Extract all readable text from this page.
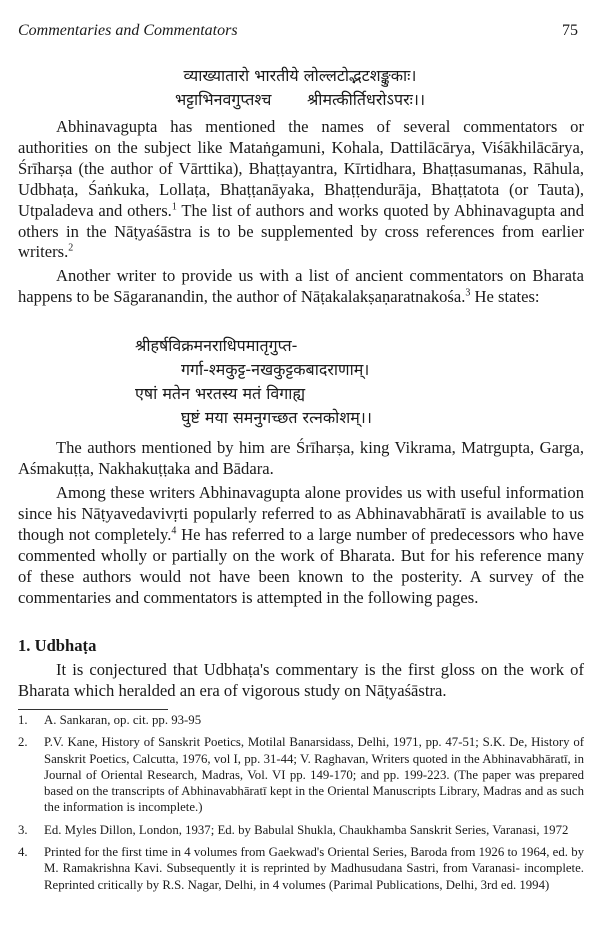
Commentaries and Commentators	75
व्याख्यातारो भारतीये लोल्लटोद्भटशङ्कुकाः।
भट्टाभिनवगुप्तश्च       श्रीमत्कीर्तिधरोऽपरः।।

Abhinavagupta has mentioned the names of several commentators or authorities on the subject like Mataṅgamuni, Kohala, Dattilācārya, Viśākhilācārya, Śrīharṣa (the author of Vārttika), Bhaṭṭayantra, Kīrtidhara, Bhaṭṭasumanas, Rāhula, Udbhaṭa, Śaṅkuka, Lollaṭa, Bhaṭṭanāyaka, Bhaṭṭendurāja, Bhaṭṭatota (or Tauta), Utpaladeva and others.$^1$ The list of authors and works quoted by Abhinavagupta and others in the Nāṭyaśāstra is to be supplemented by cross references from earlier writers.$^2$

Another writer to provide us with a list of ancient commentators on Bharata happens to be Sāgaranandin, the author of Nāṭakalakṣaṇaratnakośa.$^3$ He states:

श्रीहर्षविक्रमनराधिपमातृगुप्त-
गर्गा-श्मकुट्ट-नखकुट्टकबादराणाम्।
एषां मतेन भरतस्य मतं विगाह्य
घुष्टं मया समनुगच्छत रत्नकोशम्।।

The authors mentioned by him are Śrīharṣa, king Vikrama, Matrgupta, Garga, Aśmakuṭṭa, Nakhakuṭṭaka and Bādara.

Among these writers Abhinavagupta alone provides us with useful information since his Nāṭyavedavivṛti popularly referred to as Abhinavabhāratī is available to us though not completely.$^4$ He has referred to a large number of predecessors who have commented wholly or partially on the work of Bharata. But for his reference many of these authors would not have been known to the posterity. A survey of the commentaries and commentators is attempted in the following pages.

1. Udbhaṭa

It is conjectured that Udbhaṭa's commentary is the first gloss on the work of Bharata which heralded an era of vigorous study on Nāṭyaśāstra.

1.	A. Sankaran, op. cit. pp. 93-95
2.	P.V. Kane, History of Sanskrit Poetics, Motilal Banarsidass, Delhi, 1971, pp. 47-51; S.K. De, History of Sanskrit Poetics, Calcutta, 1976, vol I, pp. 31-44; V. Raghavan, Writers quoted in the Abhinavabhāratī, in Journal of Oriental Research, Madras, Vol. VI pp. 149-170; and pp. 199-223. (The paper was prepared based on the transcripts of Abhinavabhāratī kept in the Oriental Manuscripts Library, Madras and as such the information is incomplete.)
3.	Ed. Myles Dillon, London, 1937; Ed. by Babulal Shukla, Chaukhamba Sanskrit Series, Varanasi, 1972
4.	Printed for the first time in 4 volumes from Gaekwad's Oriental Series, Baroda from 1926 to 1964, ed. by M. Ramakrishna Kavi. Subsequently it is reprinted by Madhusudana Sastri, from Varanasi- incomplete. Reprinted critically by R.S. Nagar, Delhi, in 4 volumes (Parimal Publications, Delhi, 3rd ed. 1994)
